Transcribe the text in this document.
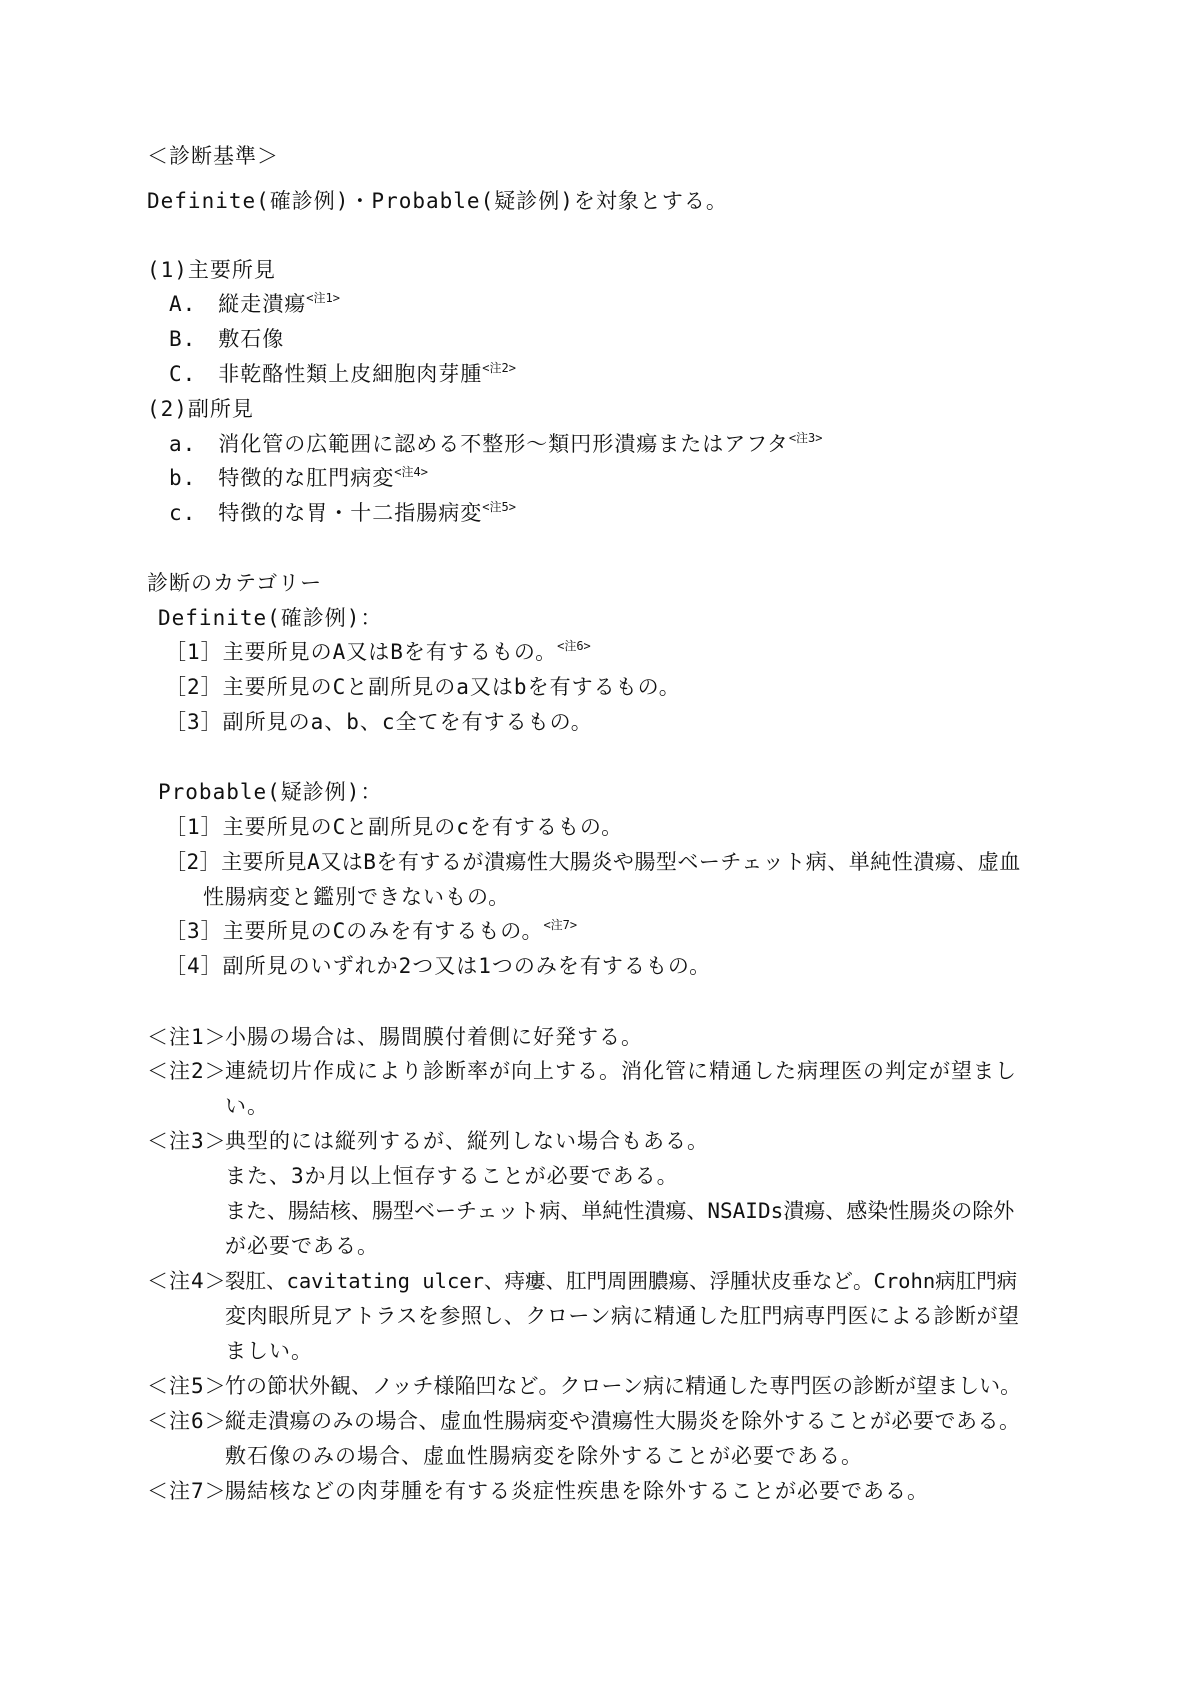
＜診断基準＞
Definite(確診例)・Probable(疑診例)を対象とする。
(1)主要所見
A.　縦走潰瘍$^{<注1>}$
B.　敷石像
C.　非乾酪性類上皮細胞肉芽腫$^{<注2>}$
(2)副所見
a.　消化管の広範囲に認める不整形～類円形潰瘍またはアフタ$^{<注3>}$
b.　特徴的な肛門病変$^{<注4>}$
c.　特徴的な胃・十二指腸病変$^{<注5>}$
診断のカテゴリー
Definite(確診例)：
［1］主要所見のA又はBを有するもの。$^{<注6>}$
［2］主要所見のCと副所見のa又はbを有するもの。
［3］副所見のa、b、c全てを有するもの。
Probable(疑診例)：
［1］主要所見のCと副所見のcを有するもの。
［2］主要所見A又はBを有するが潰瘍性大腸炎や腸型ベーチェット病、単純性潰瘍、虚血
性腸病変と鑑別できないもの。
［3］主要所見のCのみを有するもの。$^{<注7>}$
［4］副所見のいずれか2つ又は1つのみを有するもの。
＜注1＞
小腸の場合は、腸間膜付着側に好発する。
＜注2＞
連続切片作成により診断率が向上する。消化管に精通した病理医の判定が望まし
い。
＜注3＞
典型的には縦列するが、縦列しない場合もある。
また、3か月以上恒存することが必要である。
また、腸結核、腸型ベーチェット病、単純性潰瘍、NSAIDs潰瘍、感染性腸炎の除外
が必要である。
＜注4＞
裂肛、cavitating ulcer、痔瘻、肛門周囲膿瘍、浮腫状皮垂など。Crohn病肛門病
変肉眼所見アトラスを参照し、クローン病に精通した肛門病専門医による診断が望
ましい。
＜注5＞
竹の節状外観、ノッチ様陥凹など。クローン病に精通した専門医の診断が望ましい。
＜注6＞
縦走潰瘍のみの場合、虚血性腸病変や潰瘍性大腸炎を除外することが必要である。
敷石像のみの場合、虚血性腸病変を除外することが必要である。
＜注7＞
腸結核などの肉芽腫を有する炎症性疾患を除外することが必要である。
